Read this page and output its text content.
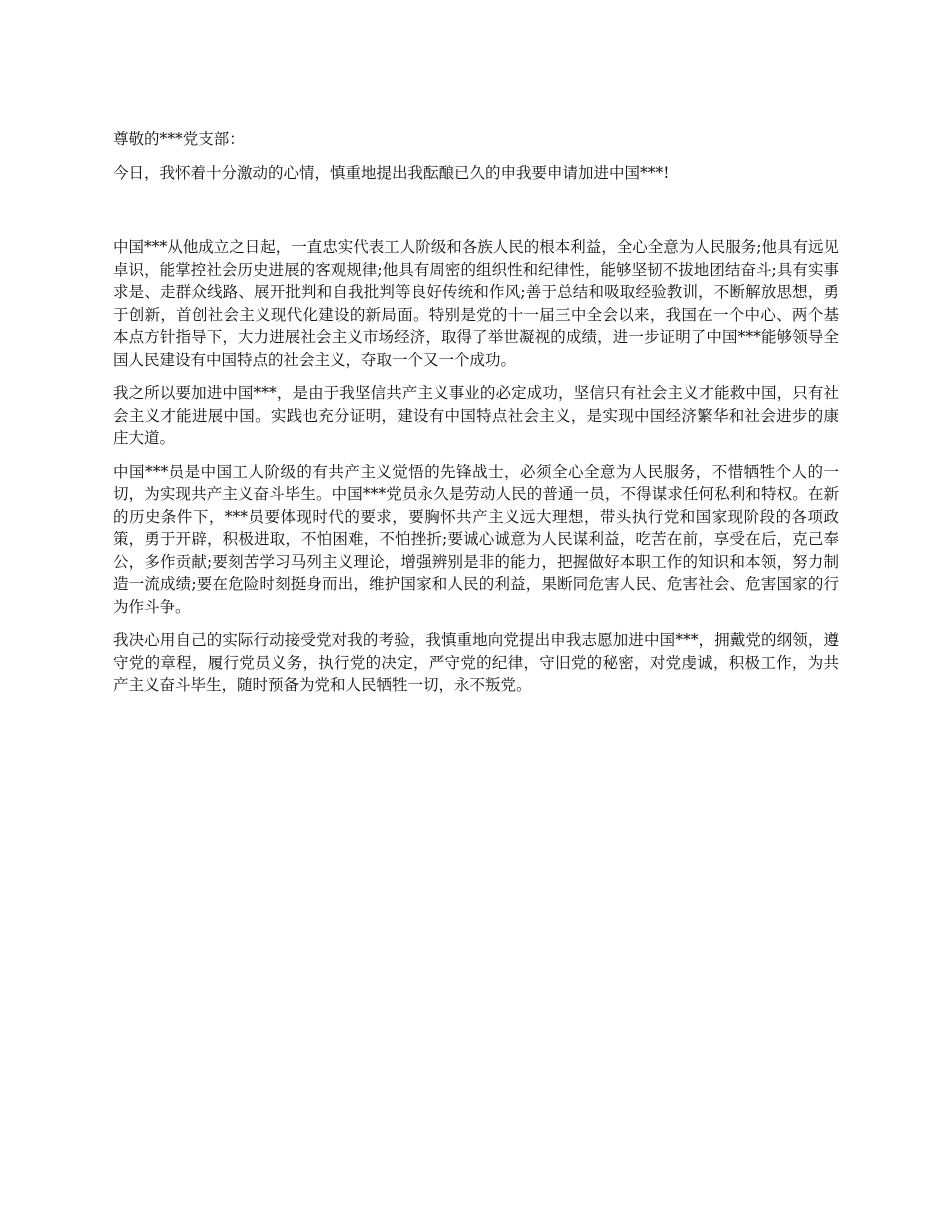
尊敬的***党支部：

今日，我怀着十分激动的心情，慎重地提出我酝酿已久的申我要申请加进中国***!

中国***从他成立之日起，一直忠实代表工人阶级和各族人民的根本利益，全心全意为人民服务;他具有远见卓识，能掌控社会历史进展的客观规律;他具有周密的组织性和纪律性，能够坚韧不拔地团结奋斗;具有实事求是、走群众线路、展开批判和自我批判等良好传统和作风;善于总结和吸取经验教训，不断解放思想，勇于创新，首创社会主义现代化建设的新局面。特别是党的十一届三中全会以来，我国在一个中心、两个基本点方针指导下，大力进展社会主义市场经济，取得了举世凝视的成绩，进一步证明了中国***能够领导全国人民建设有中国特点的社会主义，夺取一个又一个成功。

我之所以要加进中国***，是由于我坚信共产主义事业的必定成功，坚信只有社会主义才能救中国，只有社会主义才能进展中国。实践也充分证明，建设有中国特点社会主义，是实现中国经济繁华和社会进步的康庄大道。

中国***员是中国工人阶级的有共产主义觉悟的先锋战士，必须全心全意为人民服务，不惜牺牲个人的一切，为实现共产主义奋斗毕生。中国***党员永久是劳动人民的普通一员，不得谋求任何私利和特权。在新的历史条件下，***员要体现时代的要求，要胸怀共产主义远大理想，带头执行党和国家现阶段的各项政策，勇于开辟，积极进取，不怕困难，不怕挫折;要诚心诚意为人民谋利益，吃苦在前，享受在后，克己奉公，多作贡献;要刻苦学习马列主义理论，增强辨别是非的能力，把握做好本职工作的知识和本领，努力制造一流成绩;要在危险时刻挺身而出，维护国家和人民的利益，果断同危害人民、危害社会、危害国家的行为作斗争。

我决心用自己的实际行动接受党对我的考验，我慎重地向党提出申我志愿加进中国***，拥戴党的纲领，遵守党的章程，履行党员义务，执行党的决定，严守党的纪律，守旧党的秘密，对党虔诚，积极工作，为共产主义奋斗毕生，随时预备为党和人民牺牲一切，永不叛党。
